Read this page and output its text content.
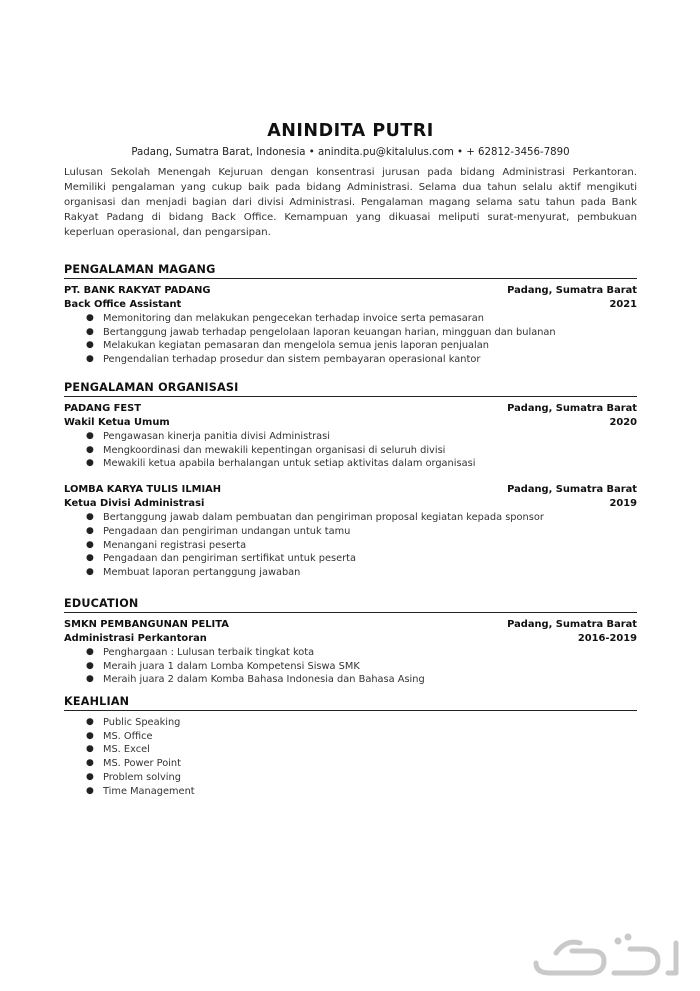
ANINDITA PUTRI
Padang, Sumatra Barat, Indonesia • anindita.pu@kitalulus.com • + 62812-3456-7890
Lulusan Sekolah Menengah Kejuruan dengan konsentrasi jurusan pada bidang Administrasi Perkantoran. Memiliki pengalaman yang cukup baik pada bidang Administrasi. Selama dua tahun selalu aktif mengikuti organisasi dan menjadi bagian dari divisi Administrasi. Pengalaman magang selama satu tahun pada Bank Rakyat Padang di bidang Back Office. Kemampuan yang dikuasai meliputi surat-menyurat, pembukuan keperluan operasional, dan pengarsipan.
PENGALAMAN MAGANG
PT. BANK RAKYAT PADANG	Padang, Sumatra Barat
Back Office Assistant	2021
● Memonitoring dan melakukan pengecekan terhadap invoice serta pemasaran
● Bertanggung jawab terhadap pengelolaan laporan keuangan harian, mingguan dan bulanan
● Melakukan kegiatan pemasaran dan mengelola semua jenis laporan penjualan
● Pengendalian terhadap prosedur dan sistem pembayaran operasional kantor
PENGALAMAN ORGANISASI
PADANG FEST	Padang, Sumatra Barat
Wakil Ketua Umum	2020
● Pengawasan kinerja panitia divisi Administrasi
● Mengkoordinasi dan mewakili kepentingan organisasi di seluruh divisi
● Mewakili ketua apabila berhalangan untuk setiap aktivitas dalam organisasi
LOMBA KARYA TULIS ILMIAH	Padang, Sumatra Barat
Ketua Divisi Administrasi	2019
● Bertanggung jawab dalam pembuatan dan pengiriman proposal kegiatan kepada sponsor
● Pengadaan dan pengiriman undangan untuk tamu
● Menangani registrasi peserta
● Pengadaan dan pengiriman sertifikat untuk peserta
● Membuat laporan pertanggung jawaban
EDUCATION
SMKN PEMBANGUNAN PELITA	Padang, Sumatra Barat
Administrasi Perkantoran	2016-2019
● Penghargaan : Lulusan terbaik tingkat kota
● Meraih juara 1 dalam Lomba Kompetensi Siswa SMK
● Meraih juara 2 dalam Komba Bahasa Indonesia dan Bahasa Asing
KEAHLIAN
● Public Speaking
● MS. Office
● MS. Excel
● MS. Power Point
● Problem solving
● Time Management
